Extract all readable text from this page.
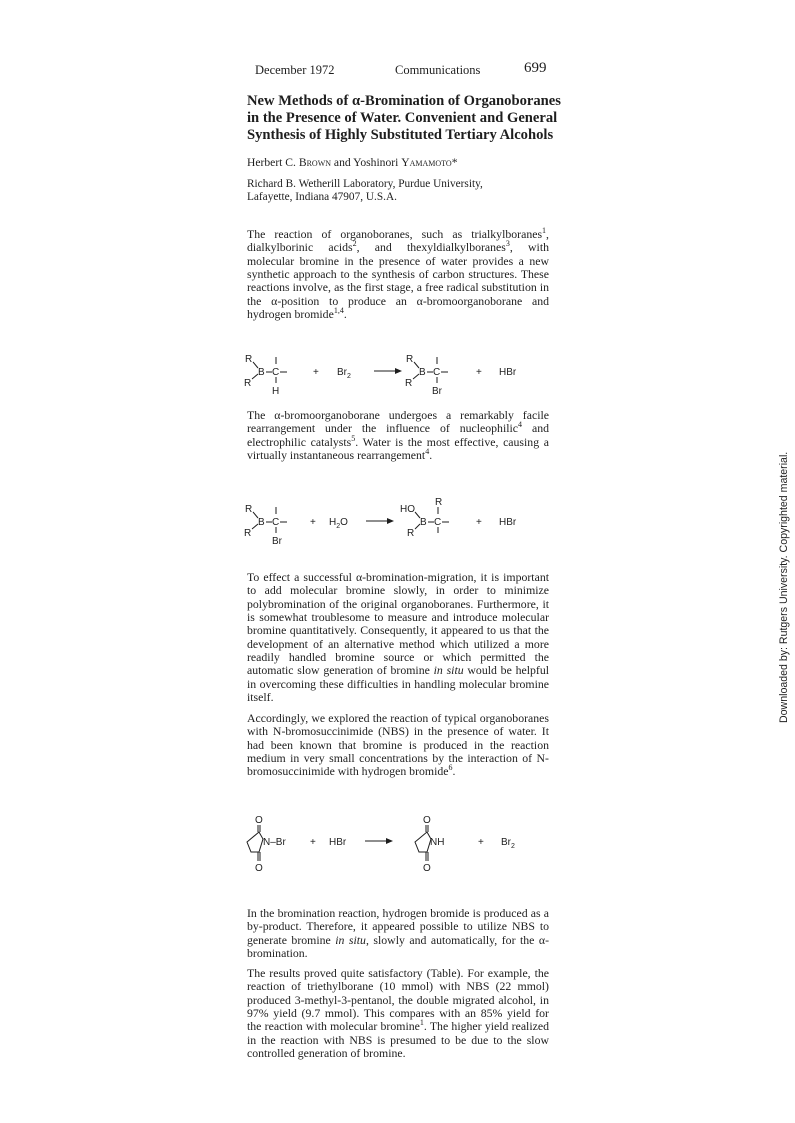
December 1972	Communications	699
New Methods of α-Bromination of Organoboranes
in the Presence of Water. Convenient and General
Synthesis of Highly Substituted Tertiary Alcohols
Herbert C. Brown and Yoshinori Yamamoto*
Richard B. Wetherill Laboratory, Purdue University,
Lafayette, Indiana 47907, U.S.A.

The reaction of organoboranes, such as trialkylboranes$^1$, dialkylborinic acids$^2$, and thexyldialkylboranes$^3$, with molecular bromine in the presence of water provides a new synthetic approach to the synthesis of carbon structures. These reactions involve, as the first stage, a free radical substitution in the α-position to produce an α-bromoorganoborane and hydrogen bromide$^{1,4}$.

R
B C
R
H
+ $Br_2$
R
B C
R
Br
+ HBr

The α-bromoorganoborane undergoes a remarkably facile rearrangement under the influence of nucleophilic$^4$ and electrophilic catalysts$^5$. Water is the most effective, causing a virtually instantaneous rearrangement$^4$.

R
B C
R
Br
+ $H_2O$
HO
B C
R
R
+ HBr

To effect a successful α-bromination-migration, it is important to add molecular bromine slowly, in order to minimize polybromination of the original organoboranes. Furthermore, it is somewhat troublesome to measure and introduce molecular bromine quantitatively. Consequently, it appeared to us that the development of an alternative method which utilized a more readily handled bromine source or which permitted the automatic slow generation of bromine in situ would be helpful in overcoming these difficulties in handling molecular bromine itself.

Accordingly, we explored the reaction of typical organoboranes with N-bromosuccinimide (NBS) in the presence of water. It had been known that bromine is produced in the reaction medium in very small concentrations by the interaction of N-bromosuccinimide with hydrogen bromide$^6$.

O
N–Br
O
+ HBr
O
NH
O
+ $Br_2$

In the bromination reaction, hydrogen bromide is produced as a by-product. Therefore, it appeared possible to utilize NBS to generate bromine in situ, slowly and automatically, for the α-bromination.

The results proved quite satisfactory (Table). For example, the reaction of triethylborane (10 mmol) with NBS (22 mmol) produced 3-methyl-3-pentanol, the double migrated alcohol, in 97% yield (9.7 mmol). This compares with an 85% yield for the reaction with molecular bromine$^1$. The higher yield realized in the reaction with NBS is presumed to be due to the slow controlled generation of bromine.

Downloaded by: Rutgers University. Copyrighted material.
